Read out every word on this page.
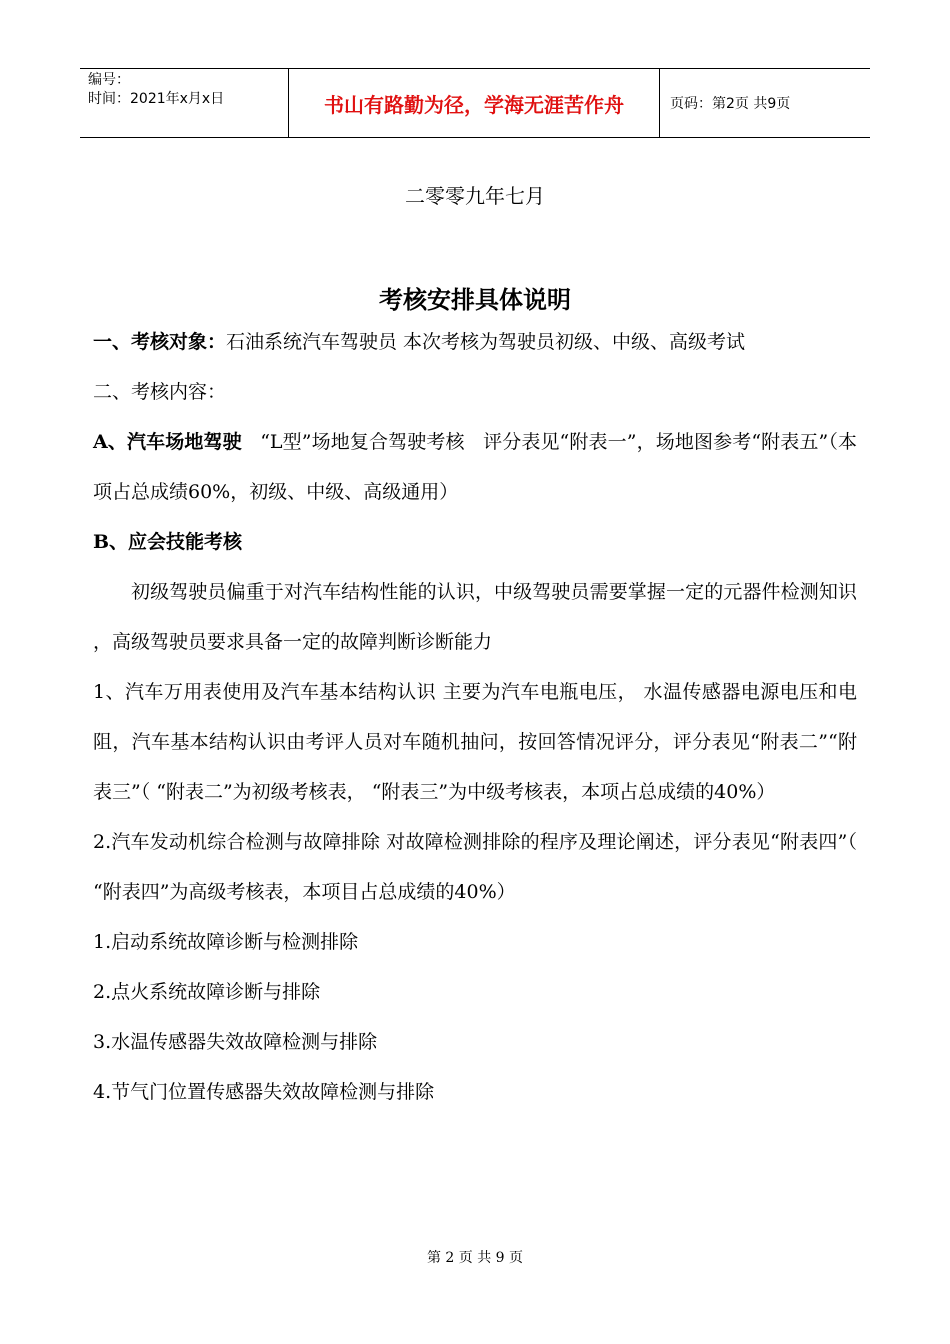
编号：
时间：2021年x月x日	书山有路勤为径，学海无涯苦作舟	页码：第2页 共9页
二零零九年七月
考核安排具体说明

一、考核对象：石油系统汽车驾驶员 本次考核为驾驶员初级、中级、高级考试

二、考核内容：

A、汽车场地驾驶   “L型”场地复合驾驶考核   评分表见“附表一”，场地图参考“附表五”（本项占总成绩60%，初级、中级、高级通用）

B、应会技能考核

初级驾驶员偏重于对汽车结构性能的认识，中级驾驶员需要掌握一定的元器件检测知识 ，高级驾驶员要求具备一定的故障判断诊断能力

1、汽车万用表使用及汽车基本结构认识 主要为汽车电瓶电压， 水温传感器电源电压和电阻，汽车基本结构认识由考评人员对车随机抽问，按回答情况评分，评分表见“附表二”“附表三”（ “附表二”为初级考核表， “附表三”为中级考核表，本项占总成绩的40%）

2.汽车发动机综合检测与故障排除 对故障检测排除的程序及理论阐述，评分表见“附表四”（ “附表四”为高级考核表，本项目占总成绩的40%）

1.启动系统故障诊断与检测排除

2.点火系统故障诊断与排除

3.水温传感器失效故障检测与排除

4.节气门位置传感器失效故障检测与排除

第 2 页 共 9 页
